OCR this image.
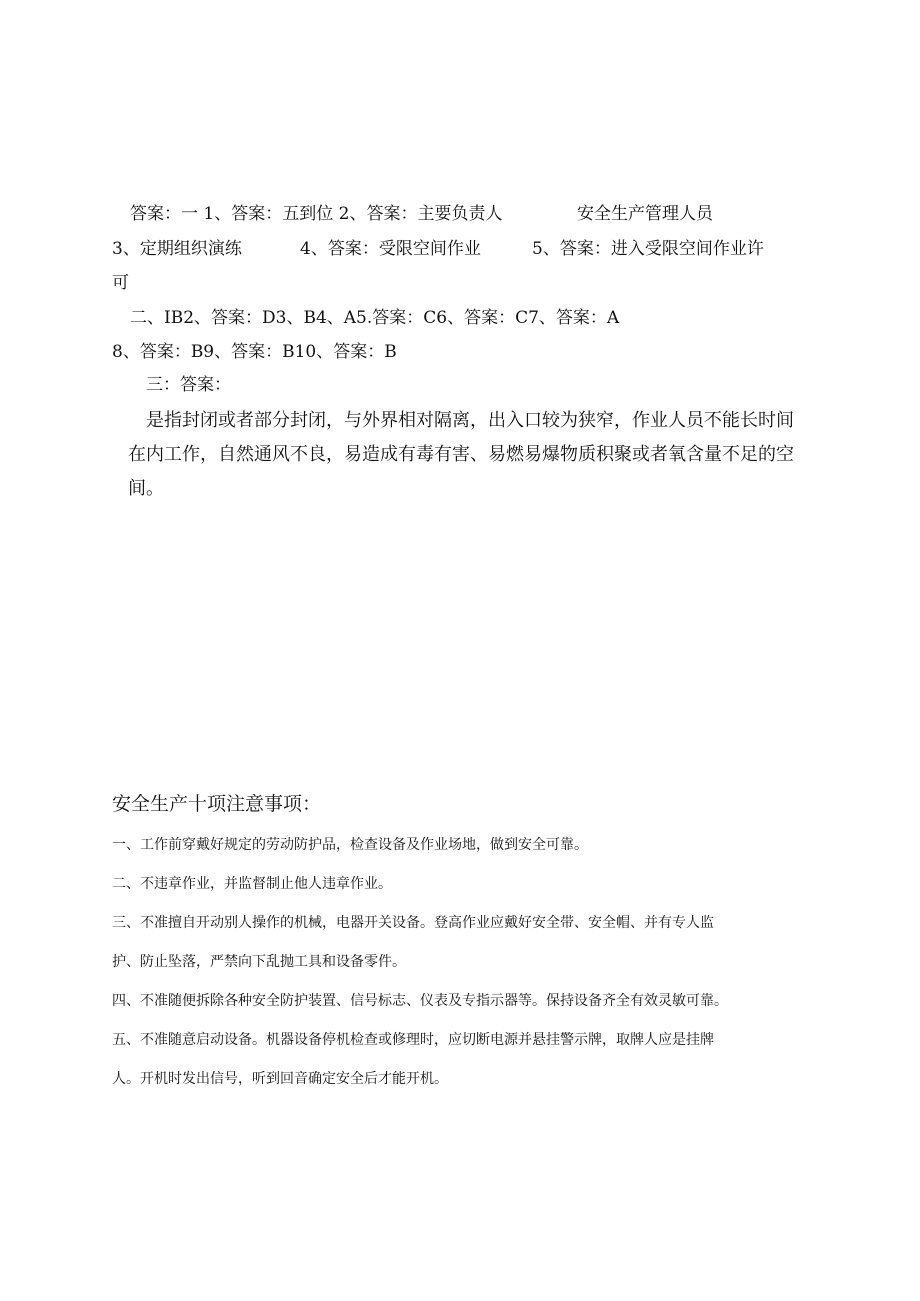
答案：一 1、答案：五到位 2、答案：主要负责人	安全生产管理人员
3、定期组织演练	4、答案：受限空间作业	5、答案：进入受限空间作业许
可
二、IB2、答案：D3、B4、A5.答案：C6、答案：C7、答案：A
8、答案：B9、答案：B10、答案：B
三：答案：
是指封闭或者部分封闭，与外界相对隔离，出入口较为狭窄，作业人员不能长时间
在内工作，自然通风不良，易造成有毒有害、易燃易爆物质积聚或者氧含量不足的空
间。
安全生产十项注意事项：
一、工作前穿戴好规定的劳动防护品，检查设备及作业场地，做到安全可靠。
二、不违章作业，并监督制止他人违章作业。
三、不准擅自开动别人操作的机械，电器开关设备。登高作业应戴好安全带、安全帽、并有专人监
护、防止坠落，严禁向下乱抛工具和设备零件。
四、不准随便拆除各种安全防护装置、信号标志、仪表及专指示器等。保持设备齐全有效灵敏可靠。
五、不准随意启动设备。机器设备停机检查或修理时，应切断电源并悬挂警示牌，取牌人应是挂牌
人。开机时发出信号，听到回音确定安全后才能开机。
